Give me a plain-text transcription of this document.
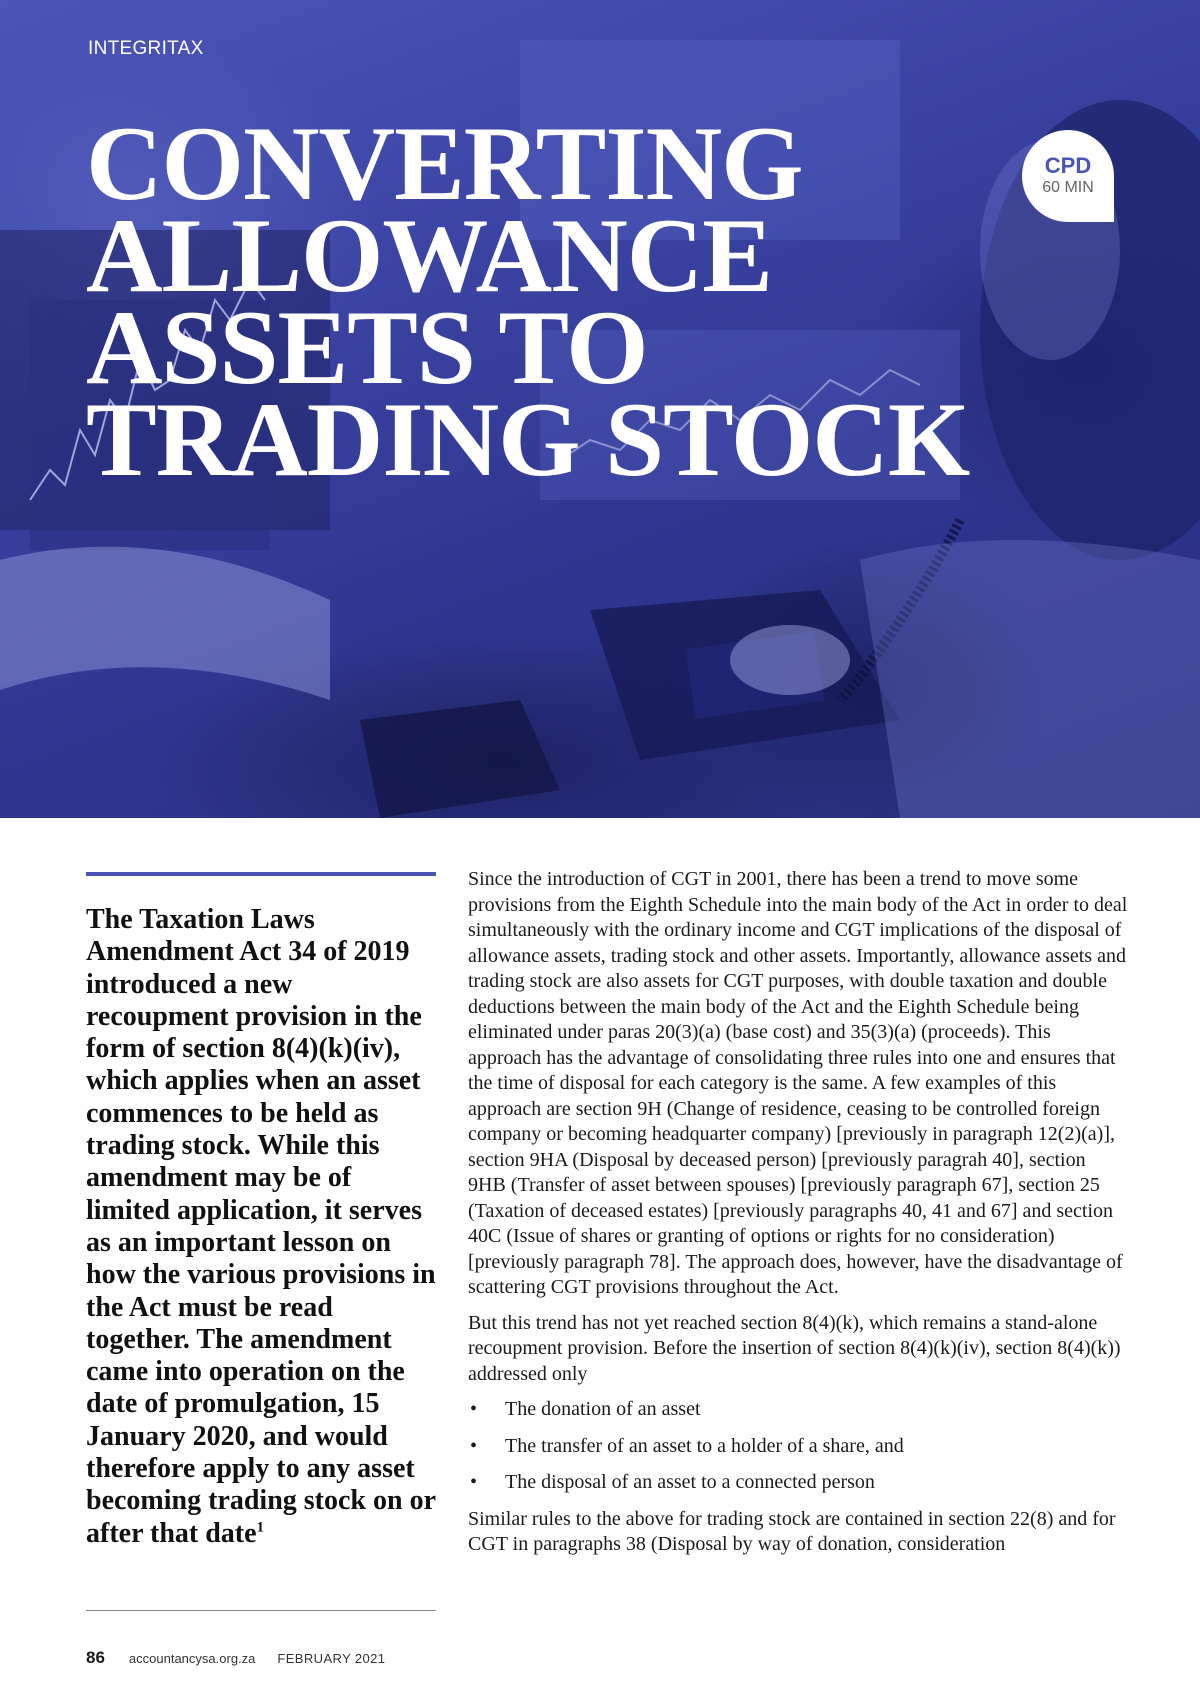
INTEGRITAX

CONVERTING
ALLOWANCE
ASSETS TO
TRADING STOCK
CPD
60 MIN

The Taxation Laws Amendment Act 34 of 2019 introduced a new recoupment provision in the form of section 8(4)(k)(iv), which applies when an asset commences to be held as trading stock. While this amendment may be of limited application, it serves as an important lesson on how the various provisions in the Act must be read together. The amendment came into operation on the date of promulgation, 15 January 2020, and would therefore apply to any asset becoming trading stock on or after that date$^1$

Since the introduction of CGT in 2001, there has been a trend to move some provisions from the Eighth Schedule into the main body of the Act in order to deal simultaneously with the ordinary income and CGT implications of the disposal of allowance assets, trading stock and other assets. Importantly, allowance assets and trading stock are also assets for CGT purposes, with double taxation and double deductions between the main body of the Act and the Eighth Schedule being eliminated under paras 20(3)(a) (base cost) and 35(3)(a) (proceeds). This approach has the advantage of consolidating three rules into one and ensures that the time of disposal for each category is the same. A few examples of this approach are section 9H (Change of residence, ceasing to be controlled foreign company or becoming headquarter company) [previously in paragraph 12(2)(a)], section 9HA (Disposal by deceased person) [previously paragrah 40], section 9HB (Transfer of asset between spouses) [previously paragraph 67], section 25 (Taxation of deceased estates) [previously paragraphs 40, 41 and 67] and section 40C (Issue of shares or granting of options or rights for no consideration) [previously paragraph 78]. The approach does, however, have the disadvantage of scattering CGT provisions throughout the Act.

But this trend has not yet reached section 8(4)(k), which remains a stand-alone recoupment provision. Before the insertion of section 8(4)(k)(iv), section 8(4)(k)) addressed only

• The donation of an asset
• The transfer of an asset to a holder of a share, and
• The disposal of an asset to a connected person

Similar rules to the above for trading stock are contained in section 22(8) and for CGT in paragraphs 38 (Disposal by way of donation, consideration

86 accountancysa.org.za FEBRUARY 2021
